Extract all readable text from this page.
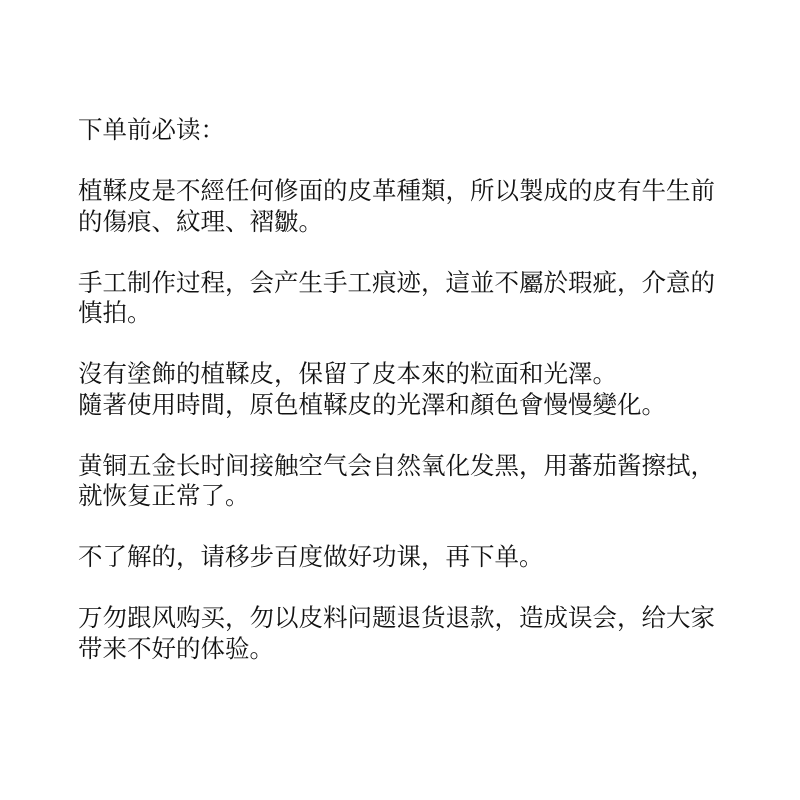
下单前必读：

植鞣皮是不經任何修面的皮革種類，所以製成的皮有牛生前
的傷痕、紋理、褶皺。

手工制作过程，会产生手工痕迹，這並不屬於瑕疵，介意的
慎拍。

沒有塗飾的植鞣皮，保留了皮本來的粒面和光澤。
隨著使用時間，原色植鞣皮的光澤和顏色會慢慢變化。

黄铜五金长时间接触空气会自然氧化发黑，用蕃茄酱擦拭，
就恢复正常了。

不了解的，请移步百度做好功课，再下单。

万勿跟风购买，勿以皮料问题退货退款，造成误会，给大家
带来不好的体验。
